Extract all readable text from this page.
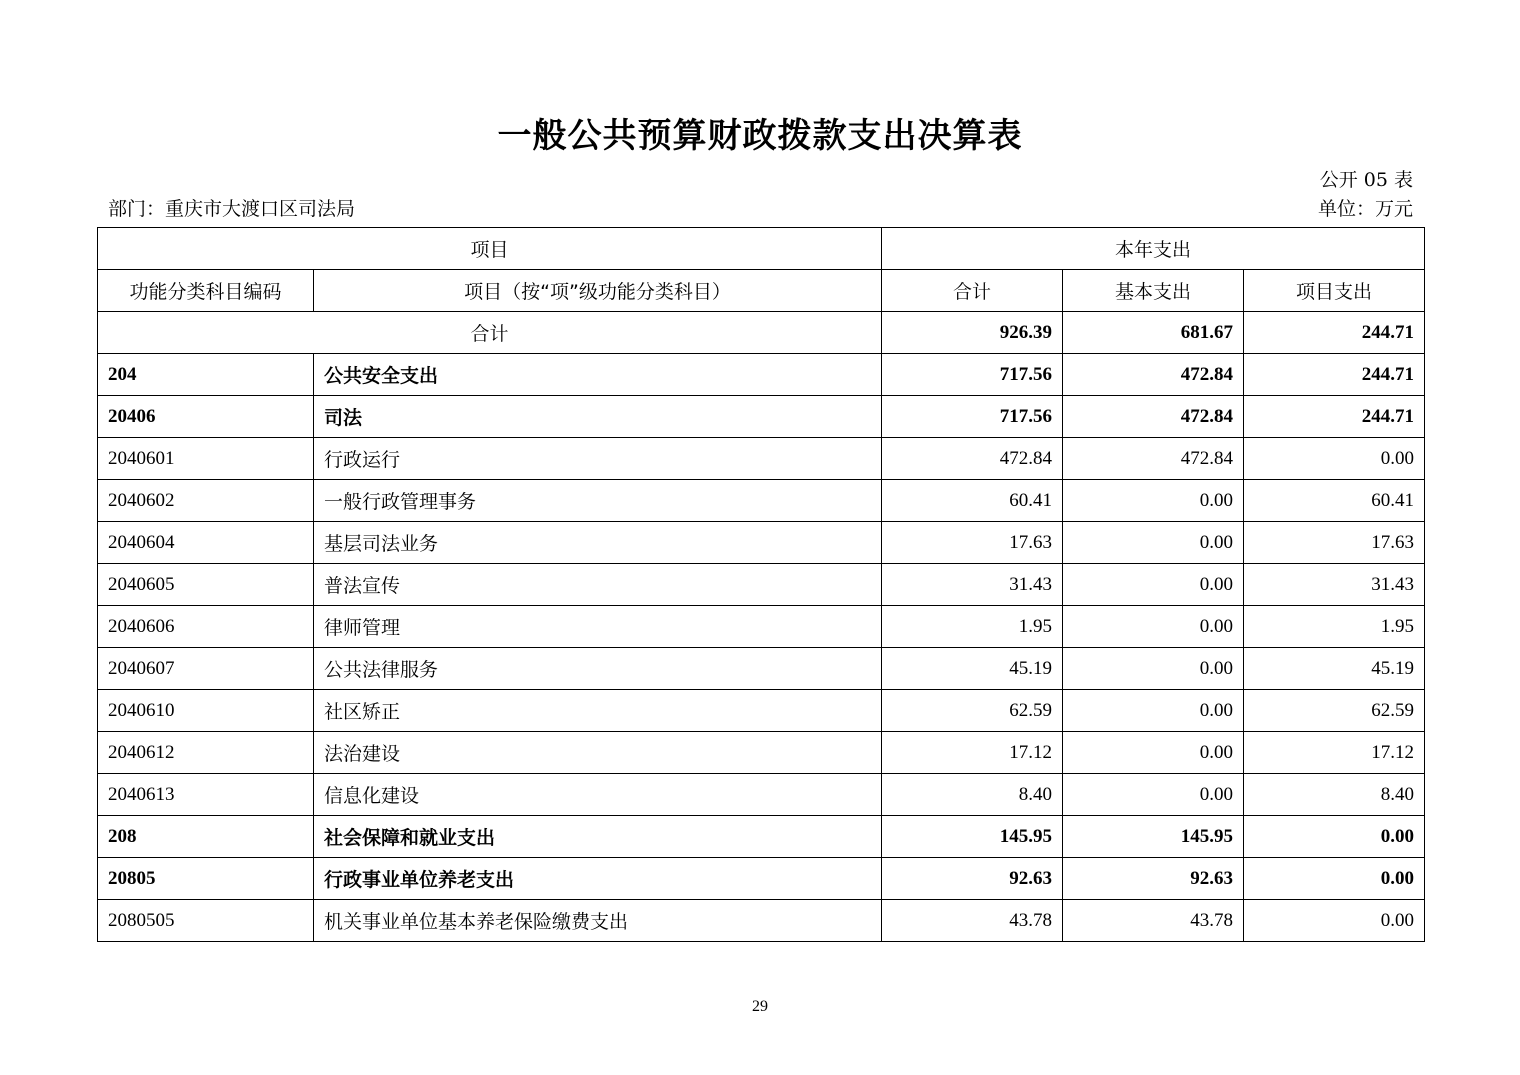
一般公共预算财政拨款支出决算表
公开 05 表
部门：重庆市大渡口区司法局	单位：万元
项目		本年支出		
功能分类科目编码	项目（按“项”级功能分类科目）	合计	基本支出	项目支出
合计		926.39	681.67	244.71
204	公共安全支出	717.56	472.84	244.71
20406	司法	717.56	472.84	244.71
2040601	行政运行	472.84	472.84	0.00
2040602	一般行政管理事务	60.41	0.00	60.41
2040604	基层司法业务	17.63	0.00	17.63
2040605	普法宣传	31.43	0.00	31.43
2040606	律师管理	1.95	0.00	1.95
2040607	公共法律服务	45.19	0.00	45.19
2040610	社区矫正	62.59	0.00	62.59
2040612	法治建设	17.12	0.00	17.12
2040613	信息化建设	8.40	0.00	8.40
208	社会保障和就业支出	145.95	145.95	0.00
20805	行政事业单位养老支出	92.63	92.63	0.00
2080505	机关事业单位基本养老保险缴费支出	43.78	43.78	0.00
29
